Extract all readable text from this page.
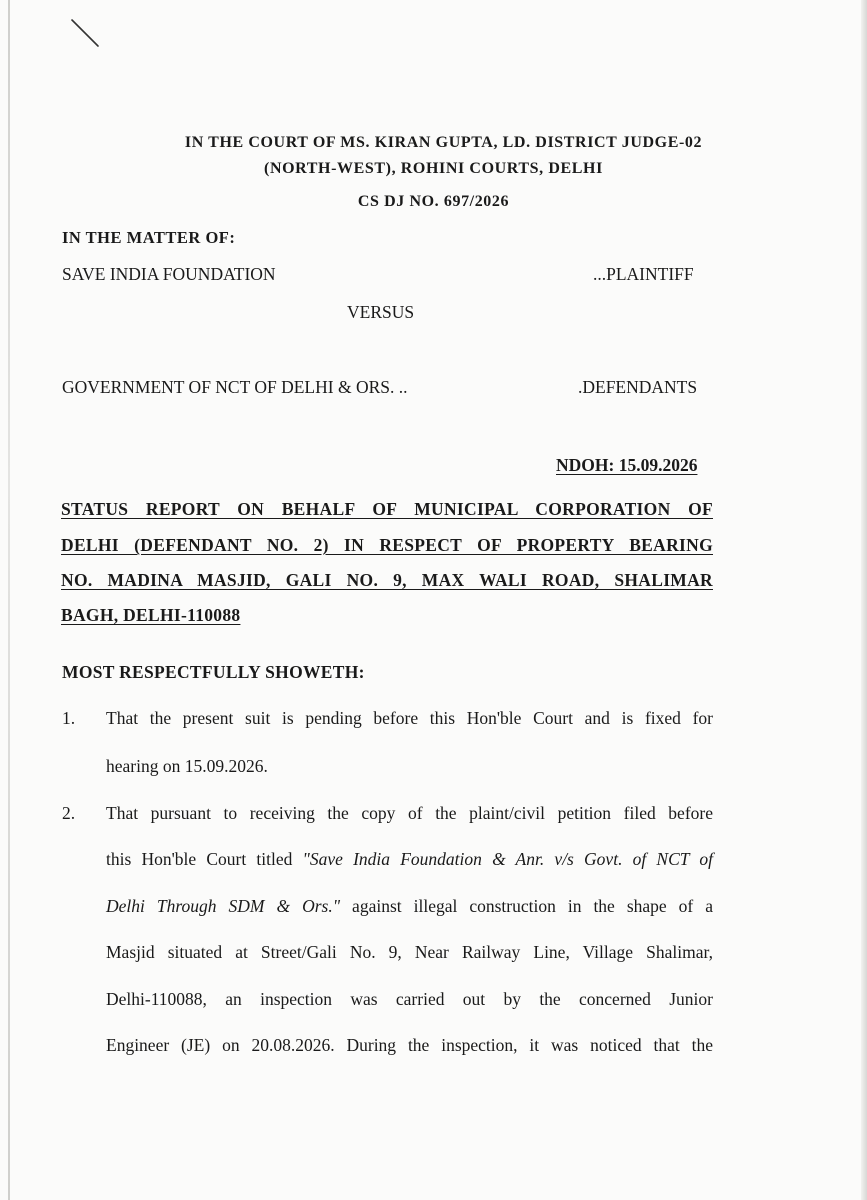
IN THE COURT OF MS. KIRAN GUPTA, LD. DISTRICT JUDGE-02
(NORTH-WEST), ROHINI COURTS, DELHI
CS DJ NO. 697/2026
IN THE MATTER OF:
SAVE INDIA FOUNDATION	...PLAINTIFF
VERSUS
GOVERNMENT OF NCT OF DELHI & ORS. ..	.DEFENDANTS
NDOH: 15.09.2026
STATUS REPORT ON BEHALF OF MUNICIPAL CORPORATION OF
DELHI (DEFENDANT NO. 2) IN RESPECT OF PROPERTY BEARING
NO. MADINA MASJID, GALI NO. 9, MAX WALI ROAD, SHALIMAR
BAGH, DELHI-110088
MOST RESPECTFULLY SHOWETH:
1. That the present suit is pending before this Hon'ble Court and is fixed for
hearing on 15.09.2026.
2. That pursuant to receiving the copy of the plaint/civil petition filed before
this Hon'ble Court titled "Save India Foundation & Anr. v/s Govt. of NCT of
Delhi Through SDM & Ors." against illegal construction in the shape of a
Masjid situated at Street/Gali No. 9, Near Railway Line, Village Shalimar,
Delhi-110088, an inspection was carried out by the concerned Junior
Engineer (JE) on 20.08.2026. During the inspection, it was noticed that the
